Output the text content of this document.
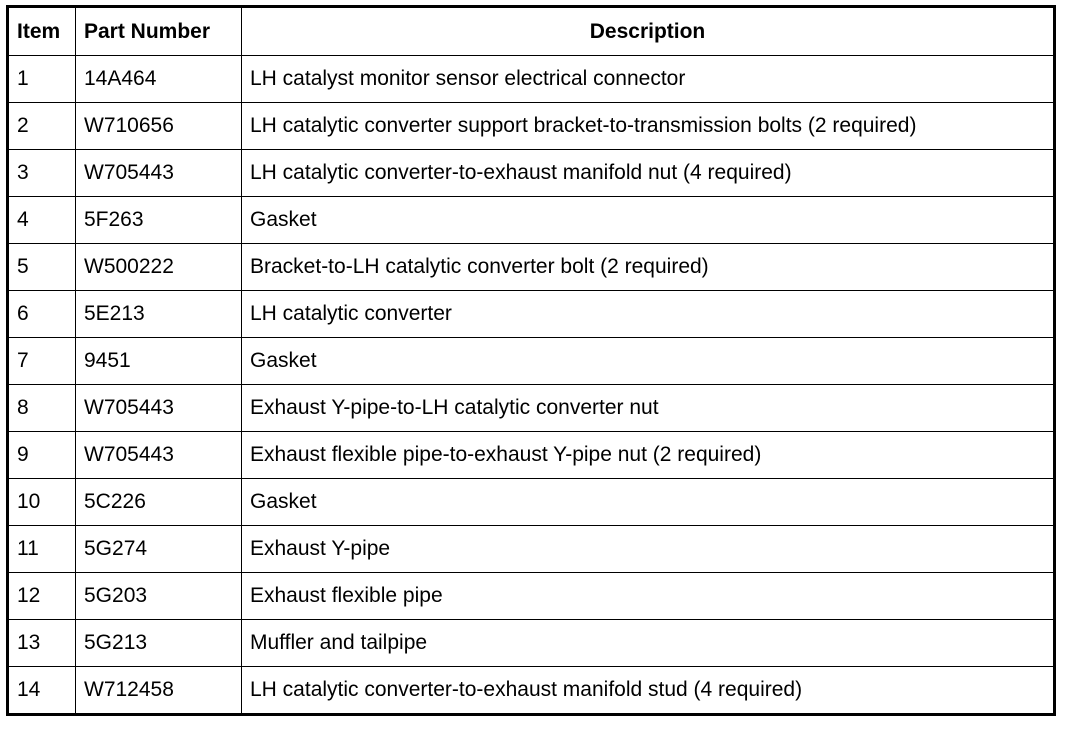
Item	Part Number	Description
1	14A464	LH catalyst monitor sensor electrical connector
2	W710656	LH catalytic converter support bracket-to-transmission bolts (2 required)
3	W705443	LH catalytic converter-to-exhaust manifold nut (4 required)
4	5F263	Gasket
5	W500222	Bracket-to-LH catalytic converter bolt (2 required)
6	5E213	LH catalytic converter
7	9451	Gasket
8	W705443	Exhaust Y-pipe-to-LH catalytic converter nut
9	W705443	Exhaust flexible pipe-to-exhaust Y-pipe nut (2 required)
10	5C226	Gasket
11	5G274	Exhaust Y-pipe
12	5G203	Exhaust flexible pipe
13	5G213	Muffler and tailpipe
14	W712458	LH catalytic converter-to-exhaust manifold stud (4 required)
